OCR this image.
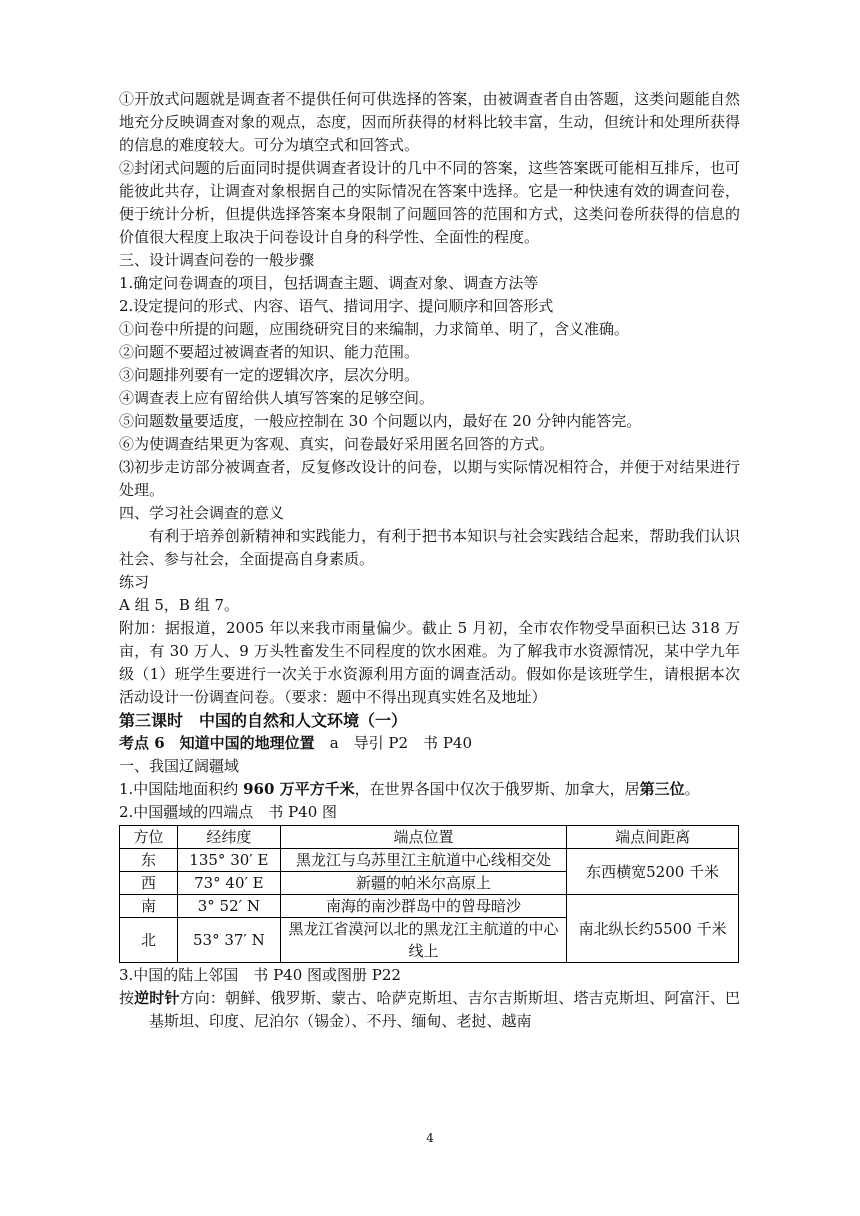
①开放式问题就是调查者不提供任何可供选择的答案，由被调查者自由答题，这类问题能自然地充分反映调查对象的观点，态度，因而所获得的材料比较丰富，生动，但统计和处理所获得的信息的难度较大。可分为填空式和回答式。

②封闭式问题的后面同时提供调查者设计的几中不同的答案，这些答案既可能相互排斥，也可能彼此共存，让调查对象根据自己的实际情况在答案中选择。它是一种快速有效的调查问卷，便于统计分析，但提供选择答案本身限制了问题回答的范围和方式，这类问卷所获得的信息的价值很大程度上取决于问卷设计自身的科学性、全面性的程度。

三、设计调查问卷的一般步骤

1.确定问卷调查的项目，包括调查主题、调查对象、调查方法等

2.设定提问的形式、内容、语气、措词用字、提问顺序和回答形式

①问卷中所提的问题，应围绕研究目的来编制，力求简单、明了，含义准确。

②问题不要超过被调查者的知识、能力范围。

③问题排列要有一定的逻辑次序，层次分明。

④调查表上应有留给供人填写答案的足够空间。

⑤问题数量要适度，一般应控制在 30 个问题以内，最好在 20 分钟内能答完。

⑥为使调查结果更为客观、真实，问卷最好采用匿名回答的方式。

⑶初步走访部分被调查者，反复修改设计的问卷，以期与实际情况相符合，并便于对结果进行处理。

四、学习社会调查的意义

有利于培养创新精神和实践能力，有利于把书本知识与社会实践结合起来，帮助我们认识社会、参与社会，全面提高自身素质。

练习

A 组 5，B 组 7。

附加：据报道，2005 年以来我市雨量偏少。截止 5 月初，全市农作物受旱面积已达 318 万亩，有 30 万人、9 万头牲畜发生不同程度的饮水困难。为了解我市水资源情况，某中学九年级（1）班学生要进行一次关于水资源利用方面的调查活动。假如你是该班学生，请根据本次活动设计一份调查问卷。（要求：题中不得出现真实姓名及地址）

第三课时　中国的自然和人文环境（一）

考点 6　知道中国的地理位置　 a　 导引 P2　书 P40

一、我国辽阔疆域

1.中国陆地面积约 960 万平方千米，在世界各国中仅次于俄罗斯、加拿大，居第三位。

2.中国疆域的四端点　书 P40 图

方位	经纬度	端点位置	端点间距离
东	135° 30′ E	黑龙江与乌苏里江主航道中心线相交处	东西横宽5200 千米
西	73° 40′ E	新疆的帕米尔高原上	
南	3° 52′ N	南海的南沙群岛中的曾母暗沙	南北纵长约5500 千米
北	53° 37′ N	黑龙江省漠河以北的黑龙江主航道的中心线上	

3.中国的陆上邻国　书 P40 图或图册 P22

按逆时针方向：朝鲜、俄罗斯、蒙古、哈萨克斯坦、吉尔吉斯斯坦、塔吉克斯坦、阿富汗、巴基斯坦、印度、尼泊尔（锡金）、不丹、缅甸、老挝、越南

4
